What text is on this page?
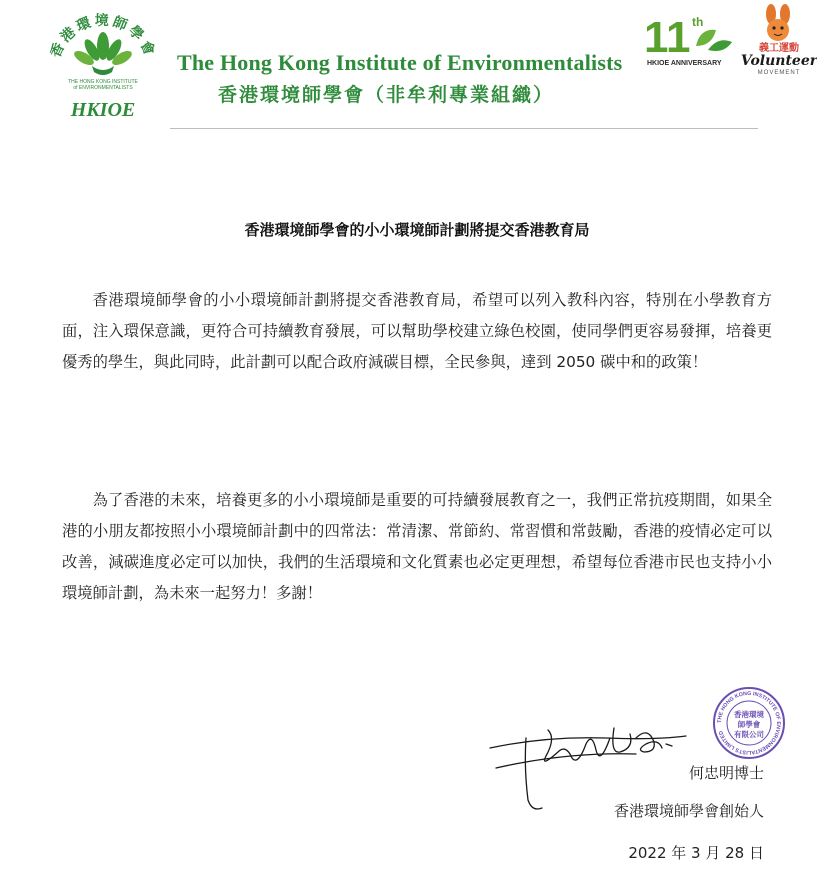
香港環境師學會
THE HONG KONG INSTITUTE
of ENVIRONMENTALISTS
HKIOE
The Hong Kong Institute of Environmentalists
香港環境師學會（非牟利專業組織）
11 th
HKIOE ANNIVERSARY
義工運動
Volunteer
MOVEMENT
香港環境師學會的小小環境師計劃將提交香港教育局

香港環境師學會的小小環境師計劃將提交香港教育局，希望可以列入教科內容，特別在小學教育方面，注入環保意識，更符合可持續教育發展，可以幫助學校建立綠色校園，使同學們更容易發揮，培養更優秀的學生，與此同時，此計劃可以配合政府減碳目標，全民參與，達到 2050 碳中和的政策！

為了香港的未來，培養更多的小小環境師是重要的可持續發展教育之一，我們正常抗疫期間，如果全港的小朋友都按照小小環境師計劃中的四常法：常清潔、常節約、常習慣和常鼓勵，香港的疫情必定可以改善，減碳進度必定可以加快，我們的生活環境和文化質素也必定更理想，希望每位香港市民也支持小小環境師計劃，為未來一起努力！多謝！

THE HONG KONG INSTITUTE OF ENVIRONMENTALISTS LIMITED
香港環境
師學會
有限公司
何忠明博士
香港環境師學會創始人
2022 年 3 月 28 日
